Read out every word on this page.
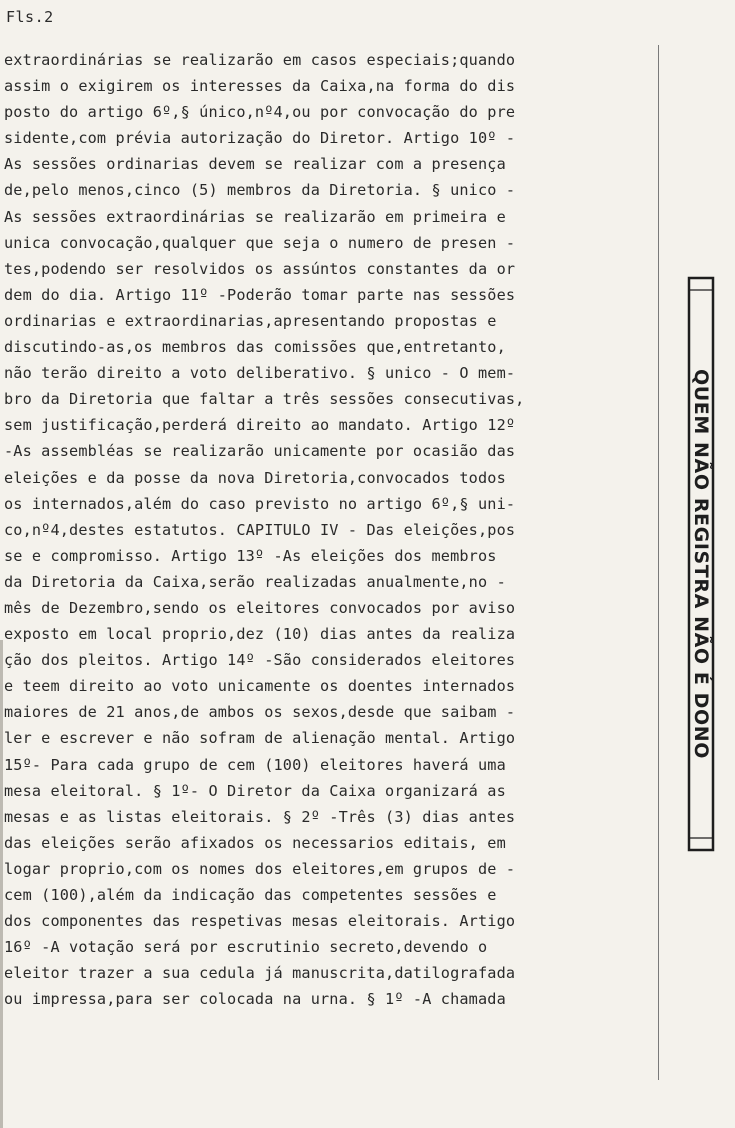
Fls.2
extraordinárias se realizarão em casos especiais;quando
assim o exigirem os interesses da Caixa,na forma do dis
posto do artigo 6º,§ único,nº4,ou por convocação do pre
sidente,com prévia autorização do Diretor. Artigo 10º -
As sessões ordinarias devem se realizar com a presença
de,pelo menos,cinco (5) membros da Diretoria. § unico -
As sessões extraordinárias se realizarão em primeira e
unica convocação,qualquer que seja o numero de presen -
tes,podendo ser resolvidos os assúntos constantes da or
dem do dia. Artigo 11º -Poderão tomar parte nas sessões
ordinarias e extraordinarias,apresentando propostas e
discutindo-as,os membros das comissões que,entretanto,
não terão direito a voto deliberativo. § unico - O mem-
bro da Diretoria que faltar a três sessões consecutivas,
sem justificação,perderá direito ao mandato. Artigo 12º
-As assembléas se realizarão unicamente por ocasião das
eleições e da posse da nova Diretoria,convocados todos
os internados,além do caso previsto no artigo 6º,§ uni-
co,nº4,destes estatutos. CAPITULO IV - Das eleições,pos
se e compromisso. Artigo 13º -As eleições dos membros
da Diretoria da Caixa,serão realizadas anualmente,no -
mês de Dezembro,sendo os eleitores convocados por aviso
exposto em local proprio,dez (10) dias antes da realiza
ção dos pleitos. Artigo 14º -São considerados eleitores
e teem direito ao voto unicamente os doentes internados
maiores de 21 anos,de ambos os sexos,desde que saibam -
ler e escrever e não sofram de alienação mental. Artigo
15º- Para cada grupo de cem (100) eleitores haverá uma
mesa eleitoral. § 1º- O Diretor da Caixa organizará as
mesas e as listas eleitorais. § 2º -Três (3) dias antes
das eleições serão afixados os necessarios editais, em
logar proprio,com os nomes dos eleitores,em grupos de -
cem (100),além da indicação das competentes sessões e
dos componentes das respetivas mesas eleitorais. Artigo
16º -A votação será por escrutinio secreto,devendo o
eleitor trazer a sua cedula já manuscrita,datilografada
ou impressa,para ser colocada na urna. § 1º -A chamada
QUEM NÃO REGISTRA NÃO É DONO
